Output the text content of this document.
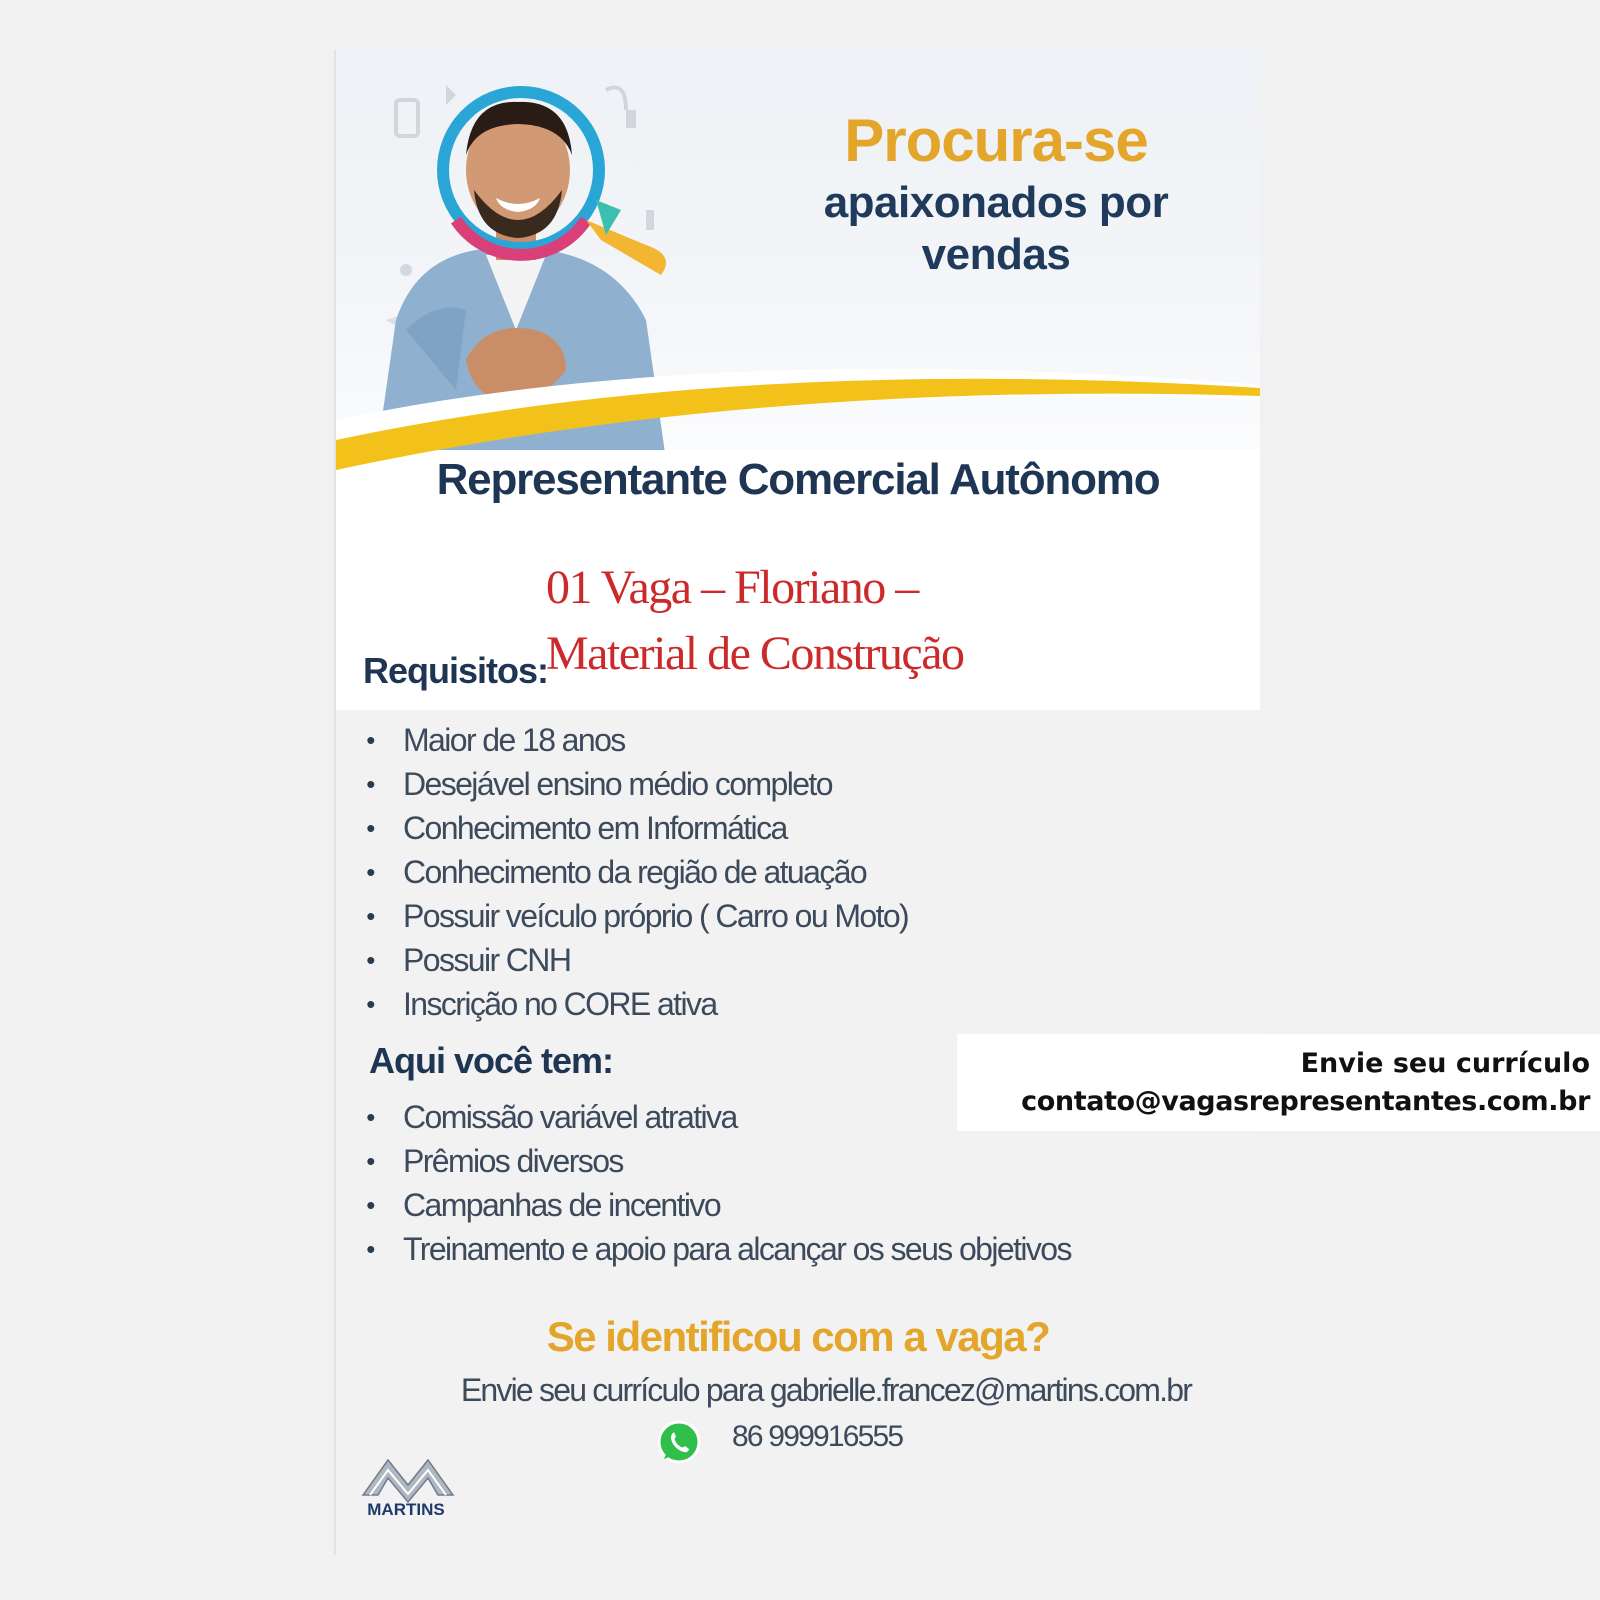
Procura-se
apaixonados por
vendas
Representante Comercial Autônomo
01 Vaga – Floriano –
Material de Construção
Requisitos:
• Maior de 18 anos
• Desejável ensino médio completo
• Conhecimento em Informática
• Conhecimento da região de atuação
• Possuir veículo próprio ( Carro ou Moto)
• Possuir CNH
• Inscrição no CORE ativa
Aqui você tem:
• Comissão variável atrativa
• Prêmios diversos
• Campanhas de incentivo
• Treinamento e apoio para alcançar os seus objetivos
Se identificou com a vaga?
Envie seu currículo para gabrielle.francez@martins.com.br
86 999916555
MARTINS
Envie seu currículo
contato@vagasrepresentantes.com.br
